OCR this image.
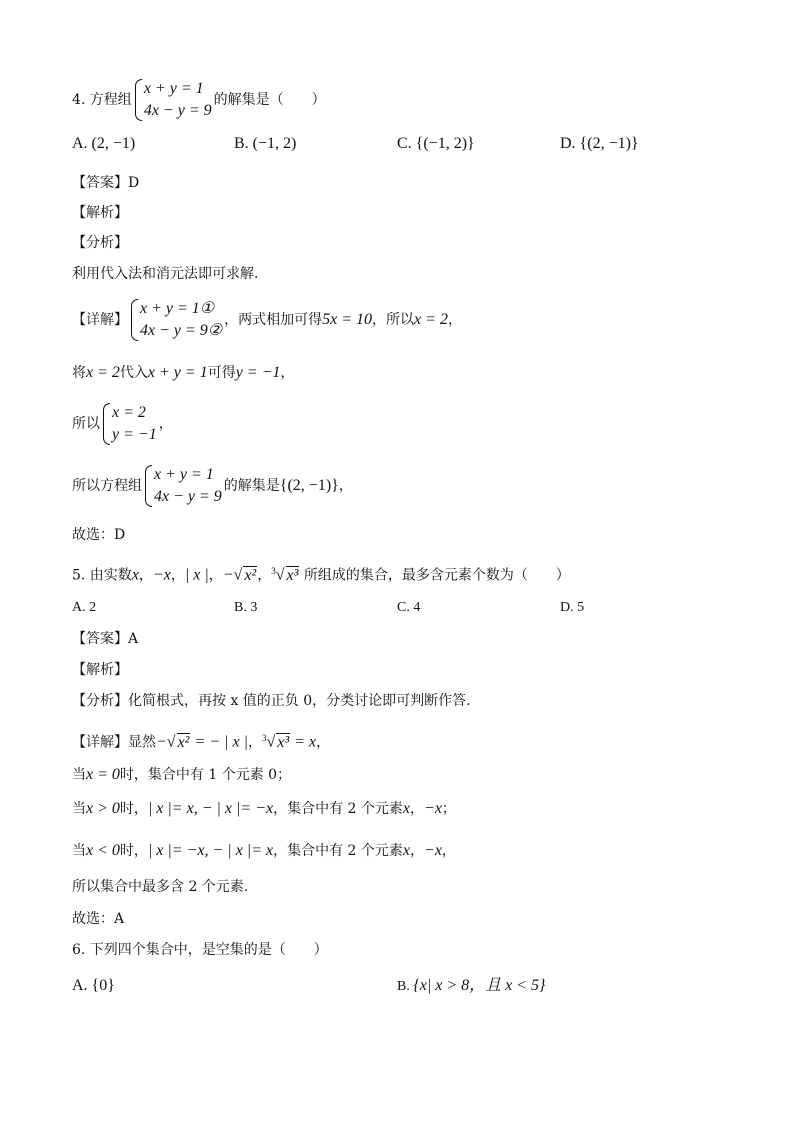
4. 方程组
x + y = 1
4x − y = 9
的解集是（　　）
A. (2, −1)	B. (−1, 2)	C. {(−1, 2)}	D. {(2, −1)}
【答案】D
【解析】
【分析】
利用代入法和消元法即可求解.
【详解】
x + y = 1①
4x − y = 9②
，两式相加可得5x = 10，所以x = 2，
将x = 2代入x + y = 1可得y = −1，
所以
x = 2
y = −1
，
所以方程组
x + y = 1
4x − y = 9
的解集是{(2, −1)}，
故选：D
5. 由实数x，−x，| x |，−√ x²，$^3$√ x³ 所组成的集合，最多含元素个数为（　　）
A. 2	B. 3	C. 4	D. 5
【答案】A
【解析】
【分析】化简根式，再按 x 值的正负 0，分类讨论即可判断作答.
【详解】显然−√ x² = − | x |，$^3$√ x³ = x，
当x = 0时，集合中有 1 个元素 0；
当x > 0时，| x |= x, − | x |= −x，集合中有 2 个元素x，−x；
当x < 0时，| x |= −x, − | x |= x，集合中有 2 个元素x，−x，
所以集合中最多含 2 个元素.
故选：A
6. 下列四个集合中，是空集的是（　　）
A. {0}	B. {x| x > 8，且 x < 5}
